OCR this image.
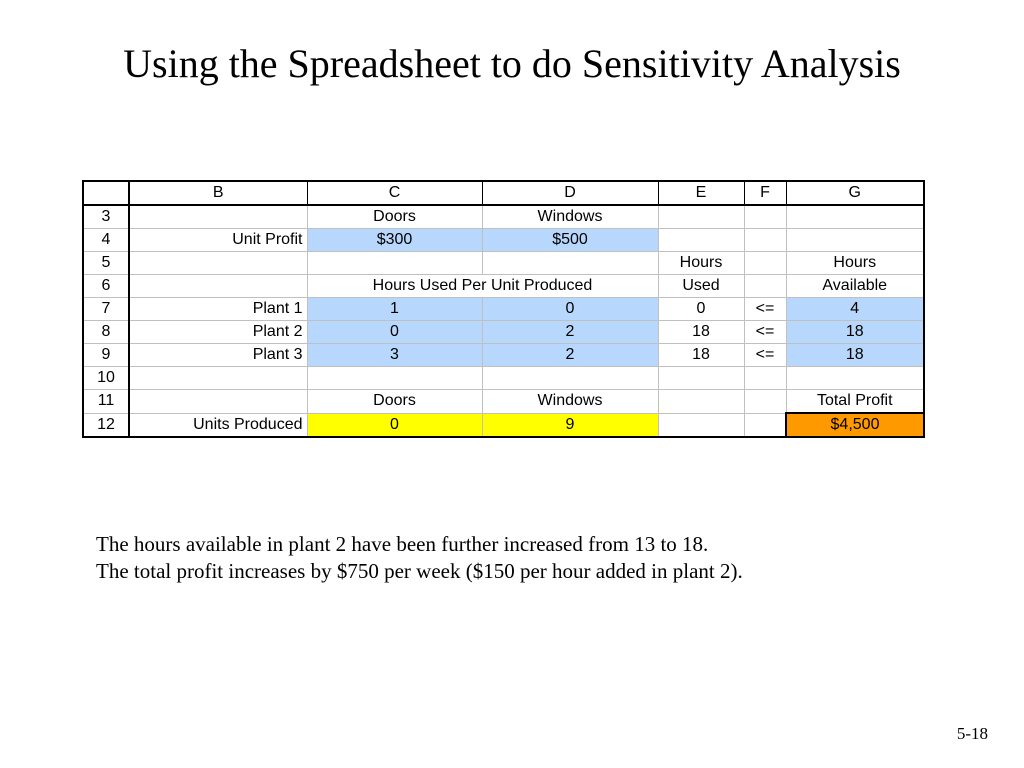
Using the Spreadsheet to do Sensitivity Analysis
	B	C	D	E	F	G
3		Doors	Windows			
4	Unit Profit	$300	$500			
5				Hours		Hours
6		Hours Used Per Unit Produced		Used		Available
7	Plant 1	1	0	0	<=	4
8	Plant 2	0	2	18	<=	18
9	Plant 3	3	2	18	<=	18
10						
11		Doors	Windows			Total Profit
12	Units Produced	0	9			$4,500
The hours available in plant 2 have been further increased from 13 to 18.
The total profit increases by $750 per week ($150 per hour added in plant 2).
5-18
